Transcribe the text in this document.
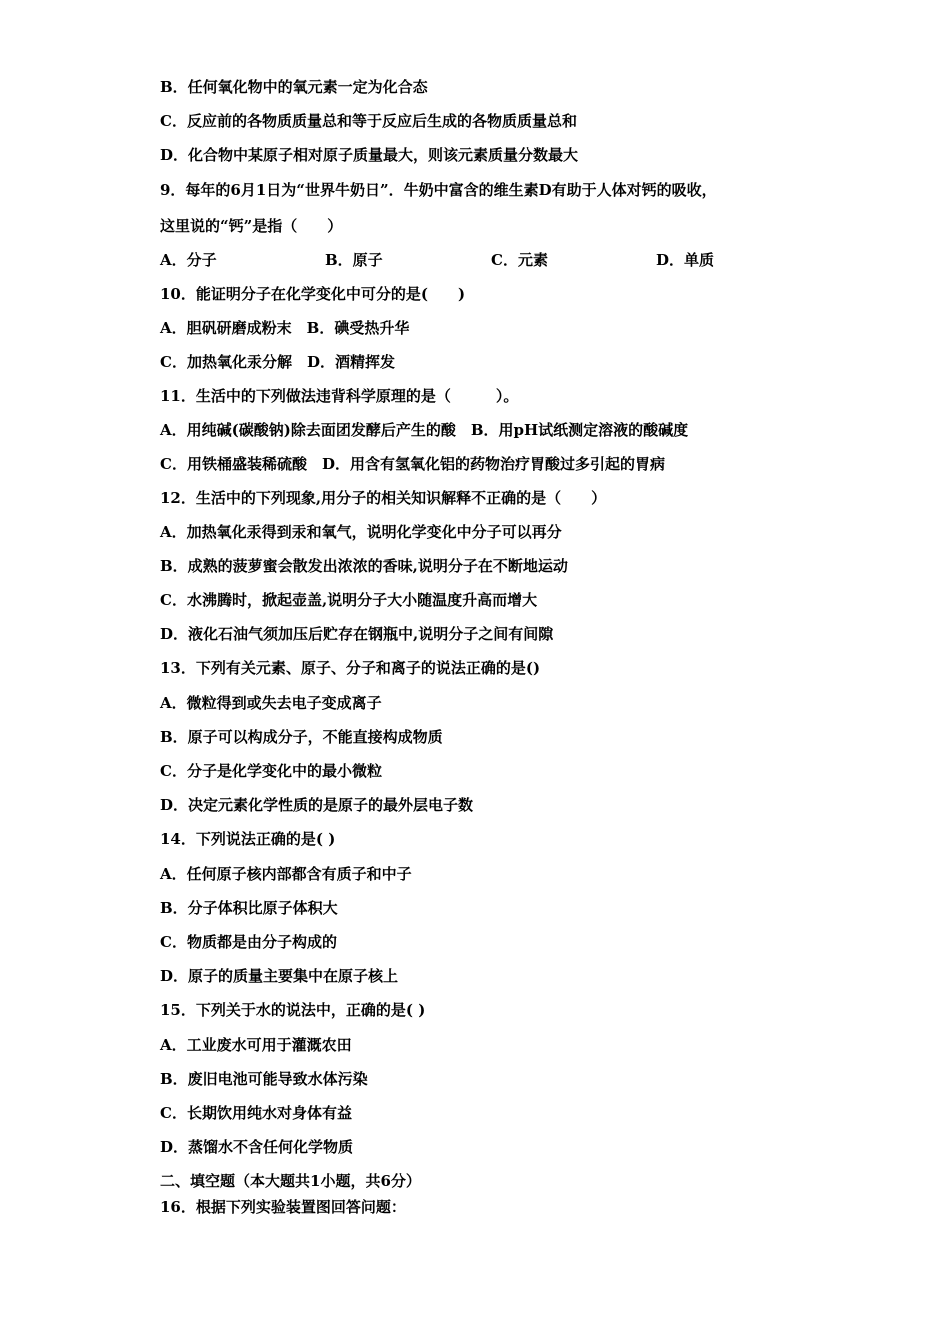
B．任何氧化物中的氧元素一定为化合态
C．反应前的各物质质量总和等于反应后生成的各物质质量总和
D．化合物中某原子相对原子质量最大，则该元素质量分数最大
9．每年的6月1日为“世界牛奶日”．牛奶中富含的维生素D有助于人体对钙的吸收，
这里说的“钙”是指（　　）
A．分子	B．原子	C．元素	D．单质
10．能证明分子在化学变化中可分的是(　　)
A．胆矾研磨成粉末　B．碘受热升华
C．加热氧化汞分解　D．酒精挥发
11．生活中的下列做法违背科学原理的是（　　　）。
A．用纯碱(碳酸钠)除去面团发酵后产生的酸　B．用pH试纸测定溶液的酸碱度
C．用铁桶盛装稀硫酸　D．用含有氢氧化铝的药物治疗胃酸过多引起的胃病
12．生活中的下列现象,用分子的相关知识解释不正确的是（　　）
A．加热氧化汞得到汞和氧气，说明化学变化中分子可以再分
B．成熟的菠萝蜜会散发出浓浓的香味,说明分子在不断地运动
C．水沸腾时，掀起壶盖,说明分子大小随温度升高而增大
D．液化石油气须加压后贮存在钢瓶中,说明分子之间有间隙
13．下列有关元素、原子、分子和离子的说法正确的是()
A．微粒得到或失去电子变成离子
B．原子可以构成分子，不能直接构成物质
C．分子是化学变化中的最小微粒
D．决定元素化学性质的是原子的最外层电子数
14．下列说法正确的是( )
A．任何原子核内部都含有质子和中子
B．分子体积比原子体积大
C．物质都是由分子构成的
D．原子的质量主要集中在原子核上
15．下列关于水的说法中，正确的是( )
A．工业废水可用于灌溉农田
B．废旧电池可能导致水体污染
C．长期饮用纯水对身体有益
D．蒸馏水不含任何化学物质
二、填空题（本大题共1小题，共6分）
16．根据下列实验装置图回答问题：
